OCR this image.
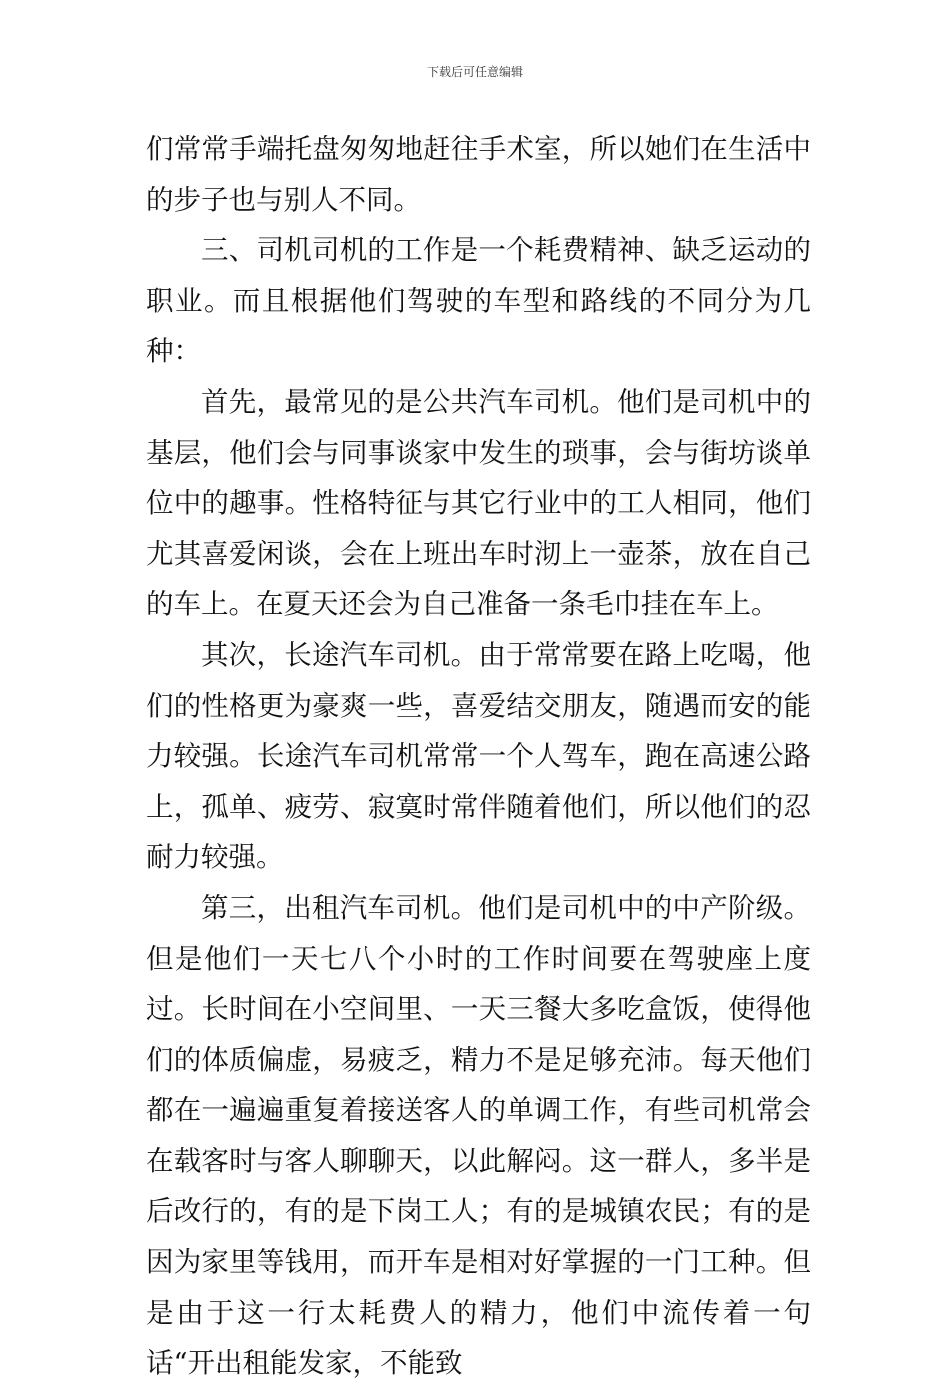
下载后可任意编辑

们常常手端托盘匆匆地赶往手术室，所以她们在生活中的步子也与别人不同。

三、司机司机的工作是一个耗费精神、缺乏运动的职业。而且根据他们驾驶的车型和路线的不同分为几种：

首先，最常见的是公共汽车司机。他们是司机中的基层，他们会与同事谈家中发生的琐事，会与街坊谈单位中的趣事。性格特征与其它行业中的工人相同，他们尤其喜爱闲谈，会在上班出车时沏上一壶茶，放在自己的车上。在夏天还会为自己准备一条毛巾挂在车上。

其次，长途汽车司机。由于常常要在路上吃喝，他们的性格更为豪爽一些，喜爱结交朋友，随遇而安的能力较强。长途汽车司机常常一个人驾车，跑在高速公路上，孤单、疲劳、寂寞时常伴随着他们，所以他们的忍耐力较强。

第三，出租汽车司机。他们是司机中的中产阶级。但是他们一天七八个小时的工作时间要在驾驶座上度过。长时间在小空间里、一天三餐大多吃盒饭，使得他们的体质偏虚，易疲乏，精力不是足够充沛。每天他们都在一遍遍重复着接送客人的单调工作，有些司机常会在载客时与客人聊聊天，以此解闷。这一群人，多半是后改行的，有的是下岗工人；有的是城镇农民；有的是因为家里等钱用，而开车是相对好掌握的一门工种。但是由于这一行太耗费人的精力，他们中流传着一句话“开出租能发家，不能致
